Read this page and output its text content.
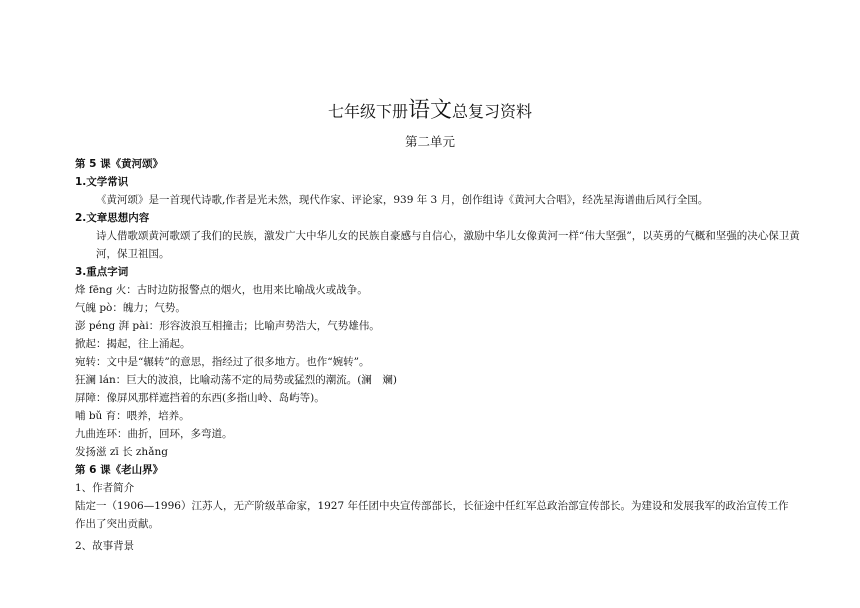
七年级下册语文总复习资料
第二单元
第 5 课《黄河颂》
1.文学常识
《黄河颂》是一首现代诗歌,作者是光未然，现代作家、评论家，939 年 3 月，创作组诗《黄河大合唱》，经冼星海谱曲后风行全国。
2.文章思想内容
诗人借歌颂黄河歌颂了我们的民族，激发广大中华儿女的民族自豪感与自信心，激励中华儿女像黄河一样“伟大坚强”，以英勇的气概和坚强的决心保卫黄河，保卫祖国。
3.重点字词
烽 fēng 火：古时边防报警点的烟火，也用来比喻战火或战争。
气魄 pò：魄力；气势。
澎 péng 湃 pài：形容波浪互相撞击；比喻声势浩大，气势雄伟。
掀起：揭起，往上涌起。
宛转：文中是“辗转”的意思，指经过了很多地方。也作“婉转”。
狂澜 lán：巨大的波浪，比喻动荡不定的局势或猛烈的潮流。(澜　斓)
屏障：像屏风那样遮挡着的东西(多指山岭、岛屿等)。
哺 bǔ 育：喂养，培养。
九曲连环：曲折，回环，多弯道。
发扬滋 zī 长 zhǎng
第 6 课《老山界》
1、作者简介
陆定一（1906—1996）江苏人，无产阶级革命家，1927 年任团中央宣传部部长，长征途中任红军总政治部宣传部长。为建设和发展我军的政治宣传工作作出了突出贡献。
2、故事背景
